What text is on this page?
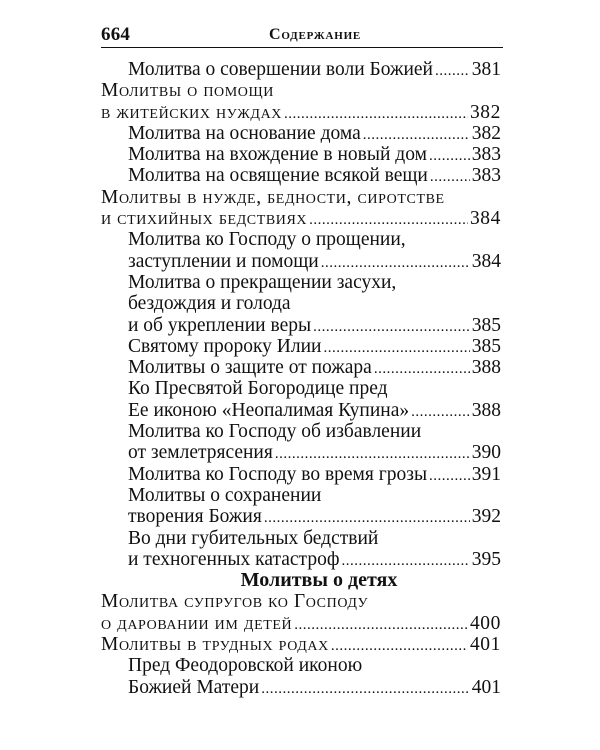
664	Содержание
Молитва о совершении воли Божией ..... 381
Молитвы о помощи
в житейских нуждах .....	382
Молитва на основание дома .....	382
Молитва на вхождение в новый дом ..... 383
Молитва на освящение всякой вещи ..... 383
Молитвы в нужде, бедности, сиротстве
и стихийных бедствиях .....	384
Молитва ко Господу о прощении,
заступлении и помощи .....	384
Молитва о прекращении засухи,
бездождия и голода
и об укреплении веры .....	385
Святому пророку Илии .....	385
Молитвы о защите от пожара .....	388
Ко Пресвятой Богородице пред
Ее иконою «Неопалимая Купина» .....	388
Молитва ко Господу об избавлении
от землетрясения .....	390
Молитва ко Господу во время грозы ..... 391
Молитвы о сохранении
творения Божия .....	392
Во дни губительных бедствий
и техногенных катастроф .....	395
Молитвы о детях
Молитва супругов ко Господу
о даровании им детей .....	400
Молитвы в трудных родах .....	401
Пред Феодоровской иконою
Божией Матери .....	401
